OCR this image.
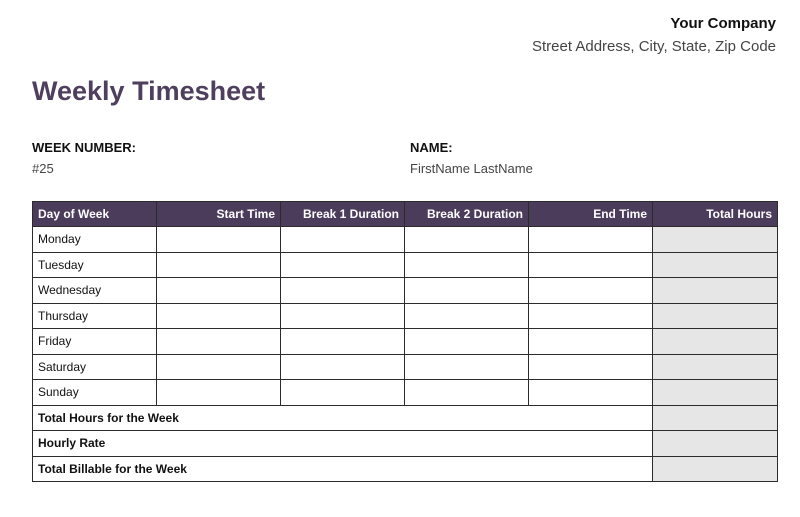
Your Company
Street Address, City, State, Zip Code
Weekly Timesheet
WEEK NUMBER:
#25
NAME:
FirstName LastName
Day of Week	Start Time	Break 1 Duration	Break 2 Duration	End Time	Total Hours
Monday					
Tuesday					
Wednesday					
Thursday					
Friday					
Saturday					
Sunday					
Total Hours for the Week					
Hourly Rate					
Total Billable for the Week					
